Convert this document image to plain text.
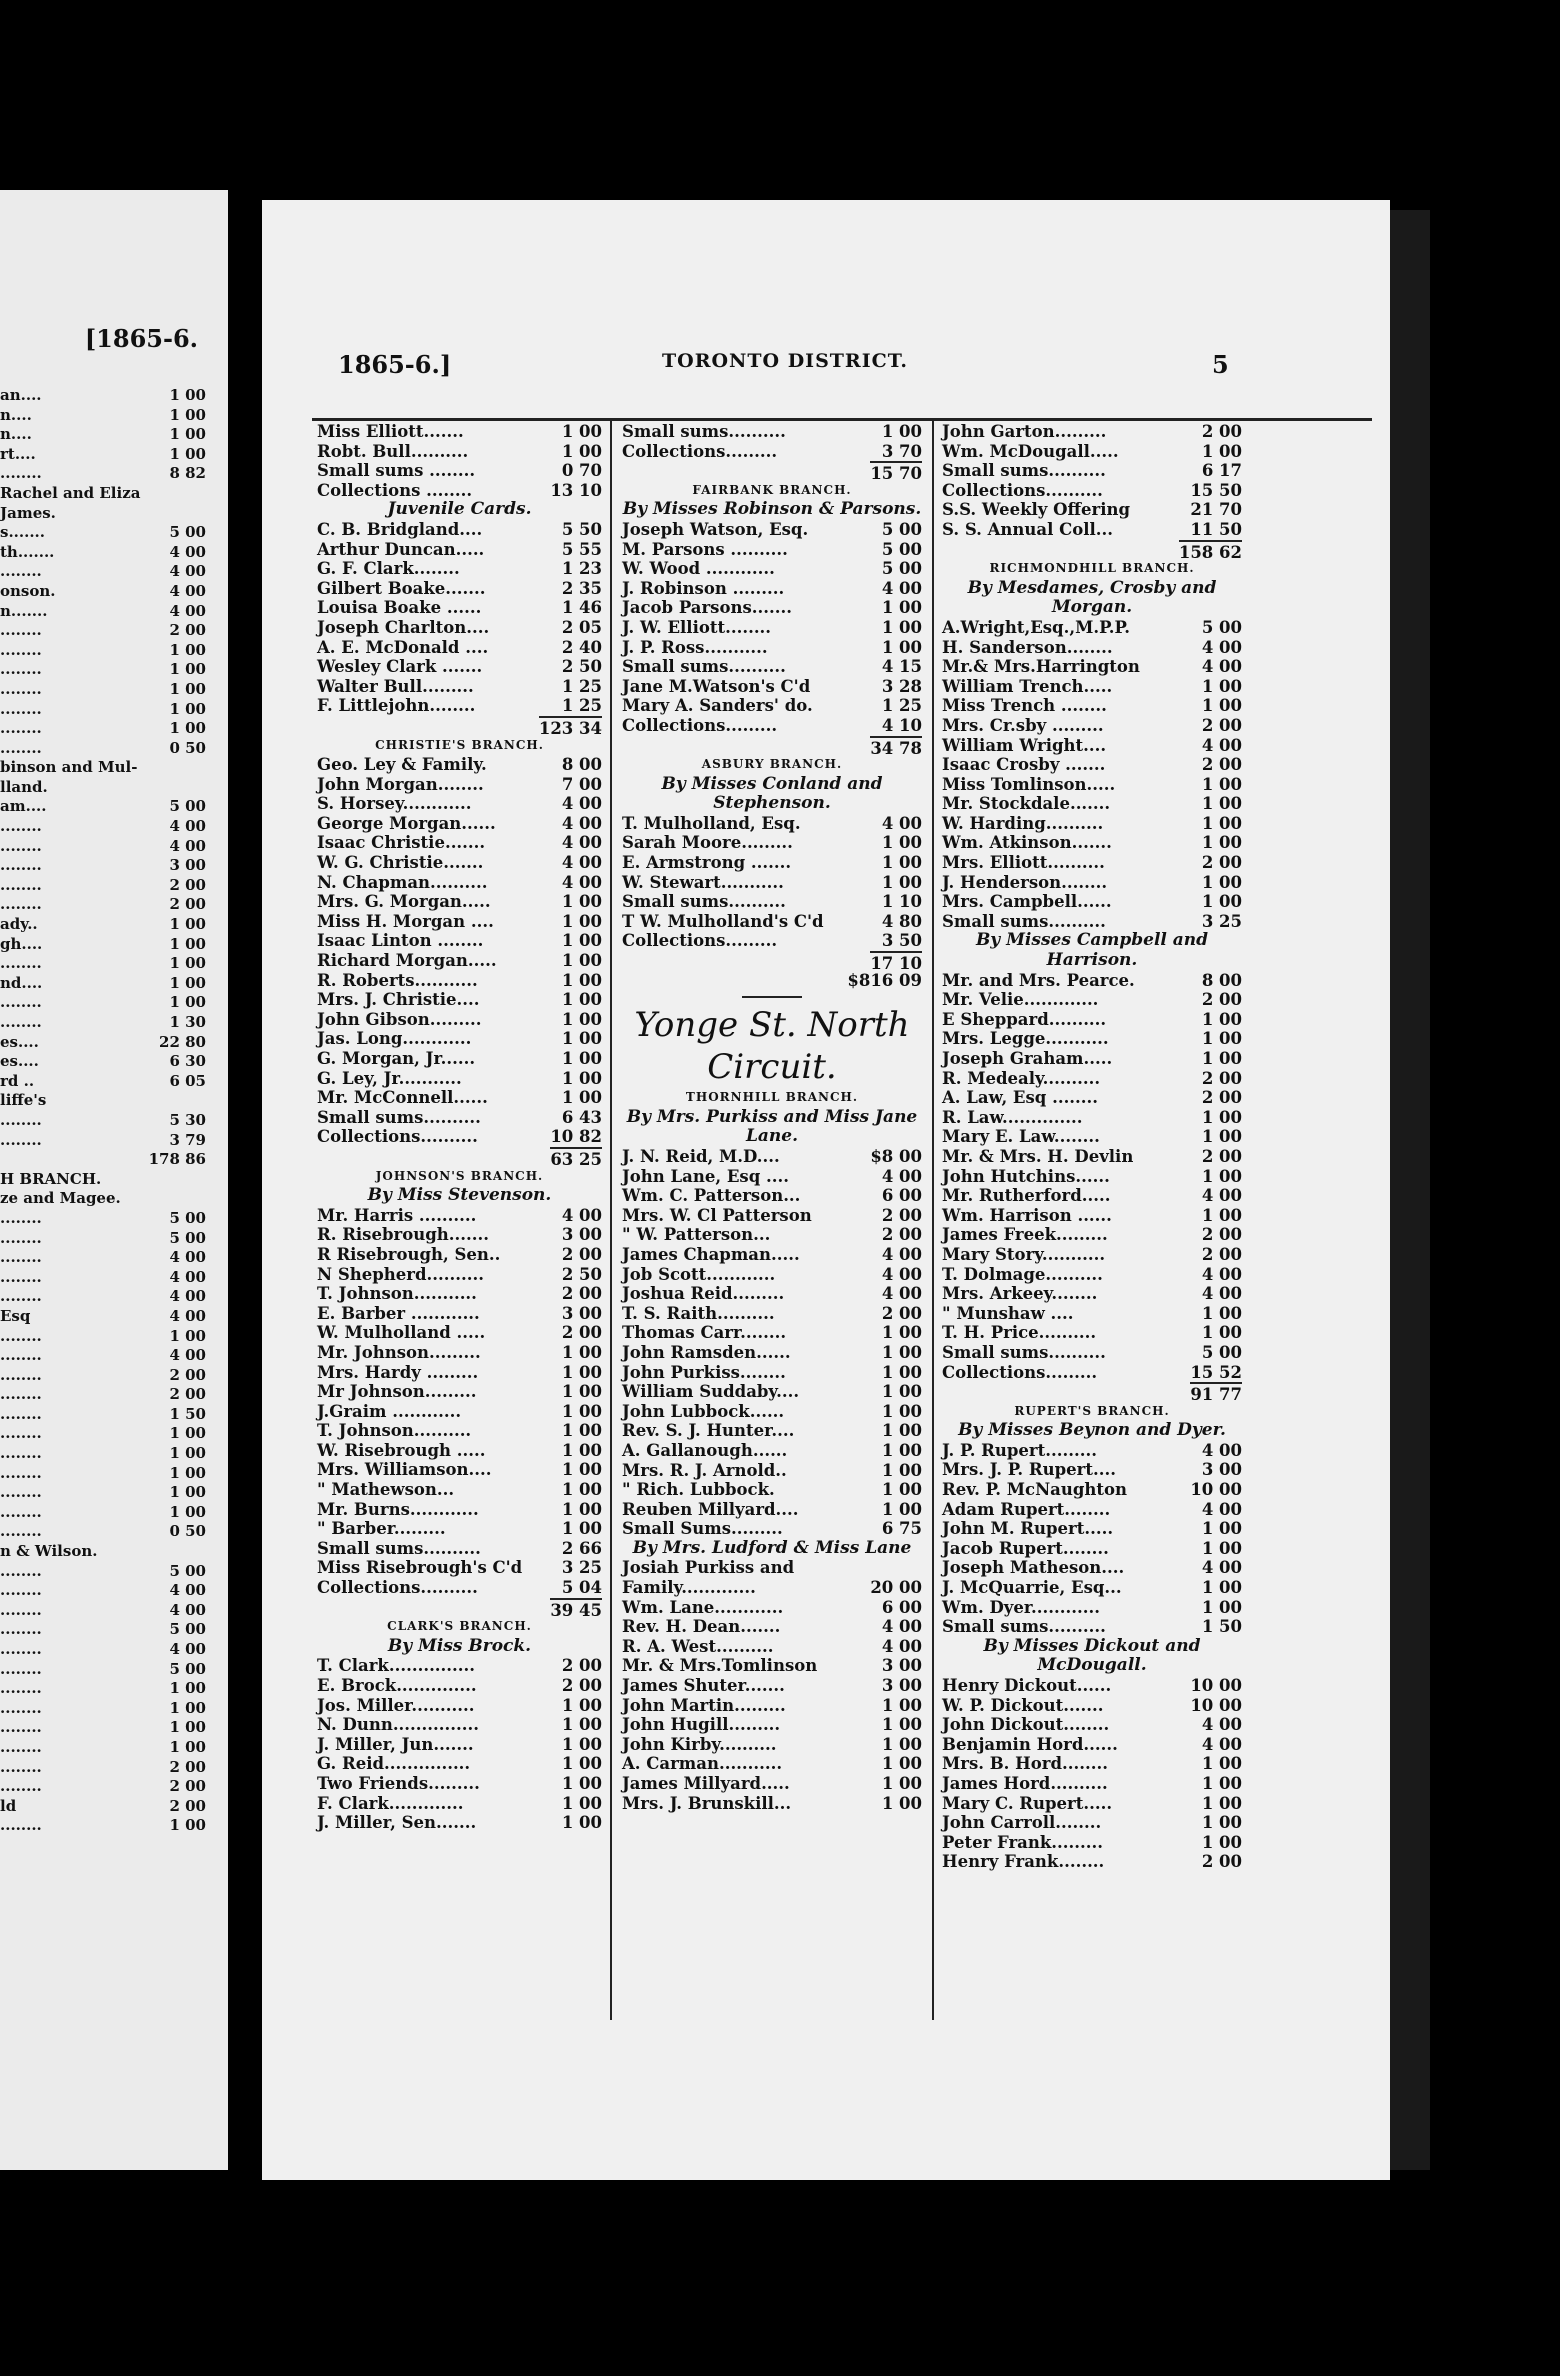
[1865-6.
an....	1 00
n....	1 00
n....	1 00
rt....	1 00
........	8 82
Rachel and Eliza
James.
s.......	5 00
th.......	4 00
........	4 00
onson.	4 00
n.......	4 00
........	2 00
........	1 00
........	1 00
........	1 00
........	1 00
........	1 00
........	0 50
binson and Mul-
lland.
am....	5 00
........	4 00
........	4 00
........	3 00
........	2 00
........	2 00
ady..	1 00
gh....	1 00
........	1 00
nd....	1 00
........	1 00
........	1 30
es....	22 80
es....	6 30
rd ..	6 05
liffe's
........	5 30
........	3 79
178 86
H BRANCH.
ze and Magee.
........	5 00
........	5 00
........	4 00
........	4 00
........	4 00
Esq	4 00
........	1 00
........	4 00
........	2 00
........	2 00
........	1 50
........	1 00
........	1 00
........	1 00
........	1 00
........	1 00
........	0 50
n & Wilson.
........	5 00
........	4 00
........	4 00
........	5 00
........	4 00
........	5 00
........	1 00
........	1 00
........	1 00
........	1 00
........	2 00
........	2 00
ld	2 00
........	1 00
1865-6.]	TORONTO DISTRICT.	5
Miss Elliott.......	1 00
Robt. Bull..........	1 00
Small sums ........	0 70
Collections ........	13 10
Juvenile Cards.
C. B. Bridgland....	5 50
Arthur Duncan.....	5 55
G. F. Clark........	1 23
Gilbert Boake.......	2 35
Louisa Boake ......	1 46
Joseph Charlton....	2 05
A. E. McDonald ....	2 40
Wesley Clark .......	2 50
Walter Bull.........	1 25
F. Littlejohn........	1 25
123 34
CHRISTIE'S BRANCH.
Geo. Ley & Family.	8 00
John Morgan........	7 00
S. Horsey............	4 00
George Morgan......	4 00
Isaac Christie.......	4 00
W. G. Christie.......	4 00
N. Chapman..........	4 00
Mrs. G. Morgan.....	1 00
Miss H. Morgan ....	1 00
Isaac Linton ........	1 00
Richard Morgan.....	1 00
R. Roberts...........	1 00
Mrs. J. Christie....	1 00
John Gibson.........	1 00
Jas. Long............	1 00
G. Morgan, Jr......	1 00
G. Ley, Jr...........	1 00
Mr. McConnell......	1 00
Small sums..........	6 43
Collections..........	10 82
63 25
JOHNSON'S BRANCH.
By Miss Stevenson.
Mr. Harris ..........	4 00
R. Risebrough.......	3 00
R Risebrough, Sen..	2 00
N Shepherd..........	2 50
T. Johnson...........	2 00
E. Barber ............	3 00
W. Mulholland .....	2 00
Mr. Johnson.........	1 00
Mrs. Hardy .........	1 00
Mr Johnson.........	1 00
J.Graim ............	1 00
T. Johnson..........	1 00
W. Risebrough .....	1 00
Mrs. Williamson....	1 00
" Mathewson...	1 00
Mr. Burns............	1 00
" Barber.........	1 00
Small sums..........	2 66
Miss Risebrough's C'd 3 25
Collections..........	5 04
39 45
CLARK'S BRANCH.
By Miss Brock.
T. Clark...............	2 00
E. Brock..............	2 00
Jos. Miller...........	1 00
N. Dunn...............	1 00
J. Miller, Jun.......	1 00
G. Reid...............	1 00
Two Friends.........	1 00
F. Clark.............	1 00
J. Miller, Sen.......	1 00
Small sums..........	1 00
Collections.........	3 70
15 70
FAIRBANK BRANCH.
By Misses Robinson & Parsons.
Joseph Watson, Esq.	5 00
M. Parsons ..........	5 00
W. Wood ............	5 00
J. Robinson .........	4 00
Jacob Parsons.......	1 00
J. W. Elliott........	1 00
J. P. Ross...........	1 00
Small sums..........	4 15
Jane M.Watson's C'd	3 28
Mary A. Sanders' do.	1 25
Collections.........	4 10
34 78
ASBURY BRANCH.
By Misses Conland and
Stephenson.
T. Mulholland, Esq.	4 00
Sarah Moore.........	1 00
E. Armstrong .......	1 00
W. Stewart...........	1 00
Small sums..........	1 10
T W. Mulholland's C'd	4 80
Collections.........	3 50
17 10
$816 09
Yonge St. North
Circuit.
THORNHILL BRANCH.
By Mrs. Purkiss and Miss Jane
Lane.
J. N. Reid, M.D....	$8 00
John Lane, Esq ....	4 00
Wm. C. Patterson...	6 00
Mrs. W. Cl Patterson	2 00
" W. Patterson...	2 00
James Chapman.....	4 00
Job Scott............	4 00
Joshua Reid.........	4 00
T. S. Raith..........	2 00
Thomas Carr........	1 00
John Ramsden......	1 00
John Purkiss........	1 00
William Suddaby....	1 00
John Lubbock......	1 00
Rev. S. J. Hunter....	1 00
A. Gallanough......	1 00
Mrs. R. J. Arnold..	1 00
" Rich. Lubbock.	1 00
Reuben Millyard....	1 00
Small Sums.........	6 75
By Mrs. Ludford & Miss Lane
Josiah Purkiss and
Family.............	20 00
Wm. Lane............	6 00
Rev. H. Dean.......	4 00
R. A. West..........	4 00
Mr. & Mrs.Tomlinson	3 00
James Shuter.......	3 00
John Martin.........	1 00
John Hugill.........	1 00
John Kirby..........	1 00
A. Carman...........	1 00
James Millyard.....	1 00
Mrs. J. Brunskill...	1 00
John Garton.........	2 00
Wm. McDougall.....	1 00
Small sums..........	6 17
Collections..........	15 50
S.S. Weekly Offering	21 70
S. S. Annual Coll...	11 50
158 62
RICHMONDHILL BRANCH.
By Mesdames, Crosby and
Morgan.
A.Wright,Esq.,M.P.P.	5 00
H. Sanderson........	4 00
Mr.& Mrs.Harrington	4 00
William Trench.....	1 00
Miss Trench ........	1 00
Mrs. Cr.sby .........	2 00
William Wright....	4 00
Isaac Crosby .......	2 00
Miss Tomlinson.....	1 00
Mr. Stockdale.......	1 00
W. Harding..........	1 00
Wm. Atkinson.......	1 00
Mrs. Elliott..........	2 00
J. Henderson........	1 00
Mrs. Campbell......	1 00
Small sums..........	3 25
By Misses Campbell and
Harrison.
Mr. and Mrs. Pearce.	8 00
Mr. Velie.............	2 00
E Sheppard..........	1 00
Mrs. Legge...........	1 00
Joseph Graham.....	1 00
R. Medealy..........	2 00
A. Law, Esq ........	2 00
R. Law..............	1 00
Mary E. Law........	1 00
Mr. & Mrs. H. Devlin	2 00
John Hutchins......	1 00
Mr. Rutherford.....	4 00
Wm. Harrison ......	1 00
James Freek.........	2 00
Mary Story...........	2 00
T. Dolmage..........	4 00
Mrs. Arkeey........	4 00
" Munshaw ....	1 00
T. H. Price..........	1 00
Small sums..........	5 00
Collections.........	15 52
91 77
RUPERT'S BRANCH.
By Misses Beynon and Dyer.
J. P. Rupert.........	4 00
Mrs. J. P. Rupert....	3 00
Rev. P. McNaughton	10 00
Adam Rupert........	4 00
John M. Rupert.....	1 00
Jacob Rupert........	1 00
Joseph Matheson....	4 00
J. McQuarrie, Esq...	1 00
Wm. Dyer............	1 00
Small sums..........	1 50
By Misses Dickout and
McDougall.
Henry Dickout......	10 00
W. P. Dickout.......	10 00
John Dickout........	4 00
Benjamin Hord......	4 00
Mrs. B. Hord........	1 00
James Hord..........	1 00
Mary C. Rupert.....	1 00
John Carroll........	1 00
Peter Frank.........	1 00
Henry Frank........	2 00
